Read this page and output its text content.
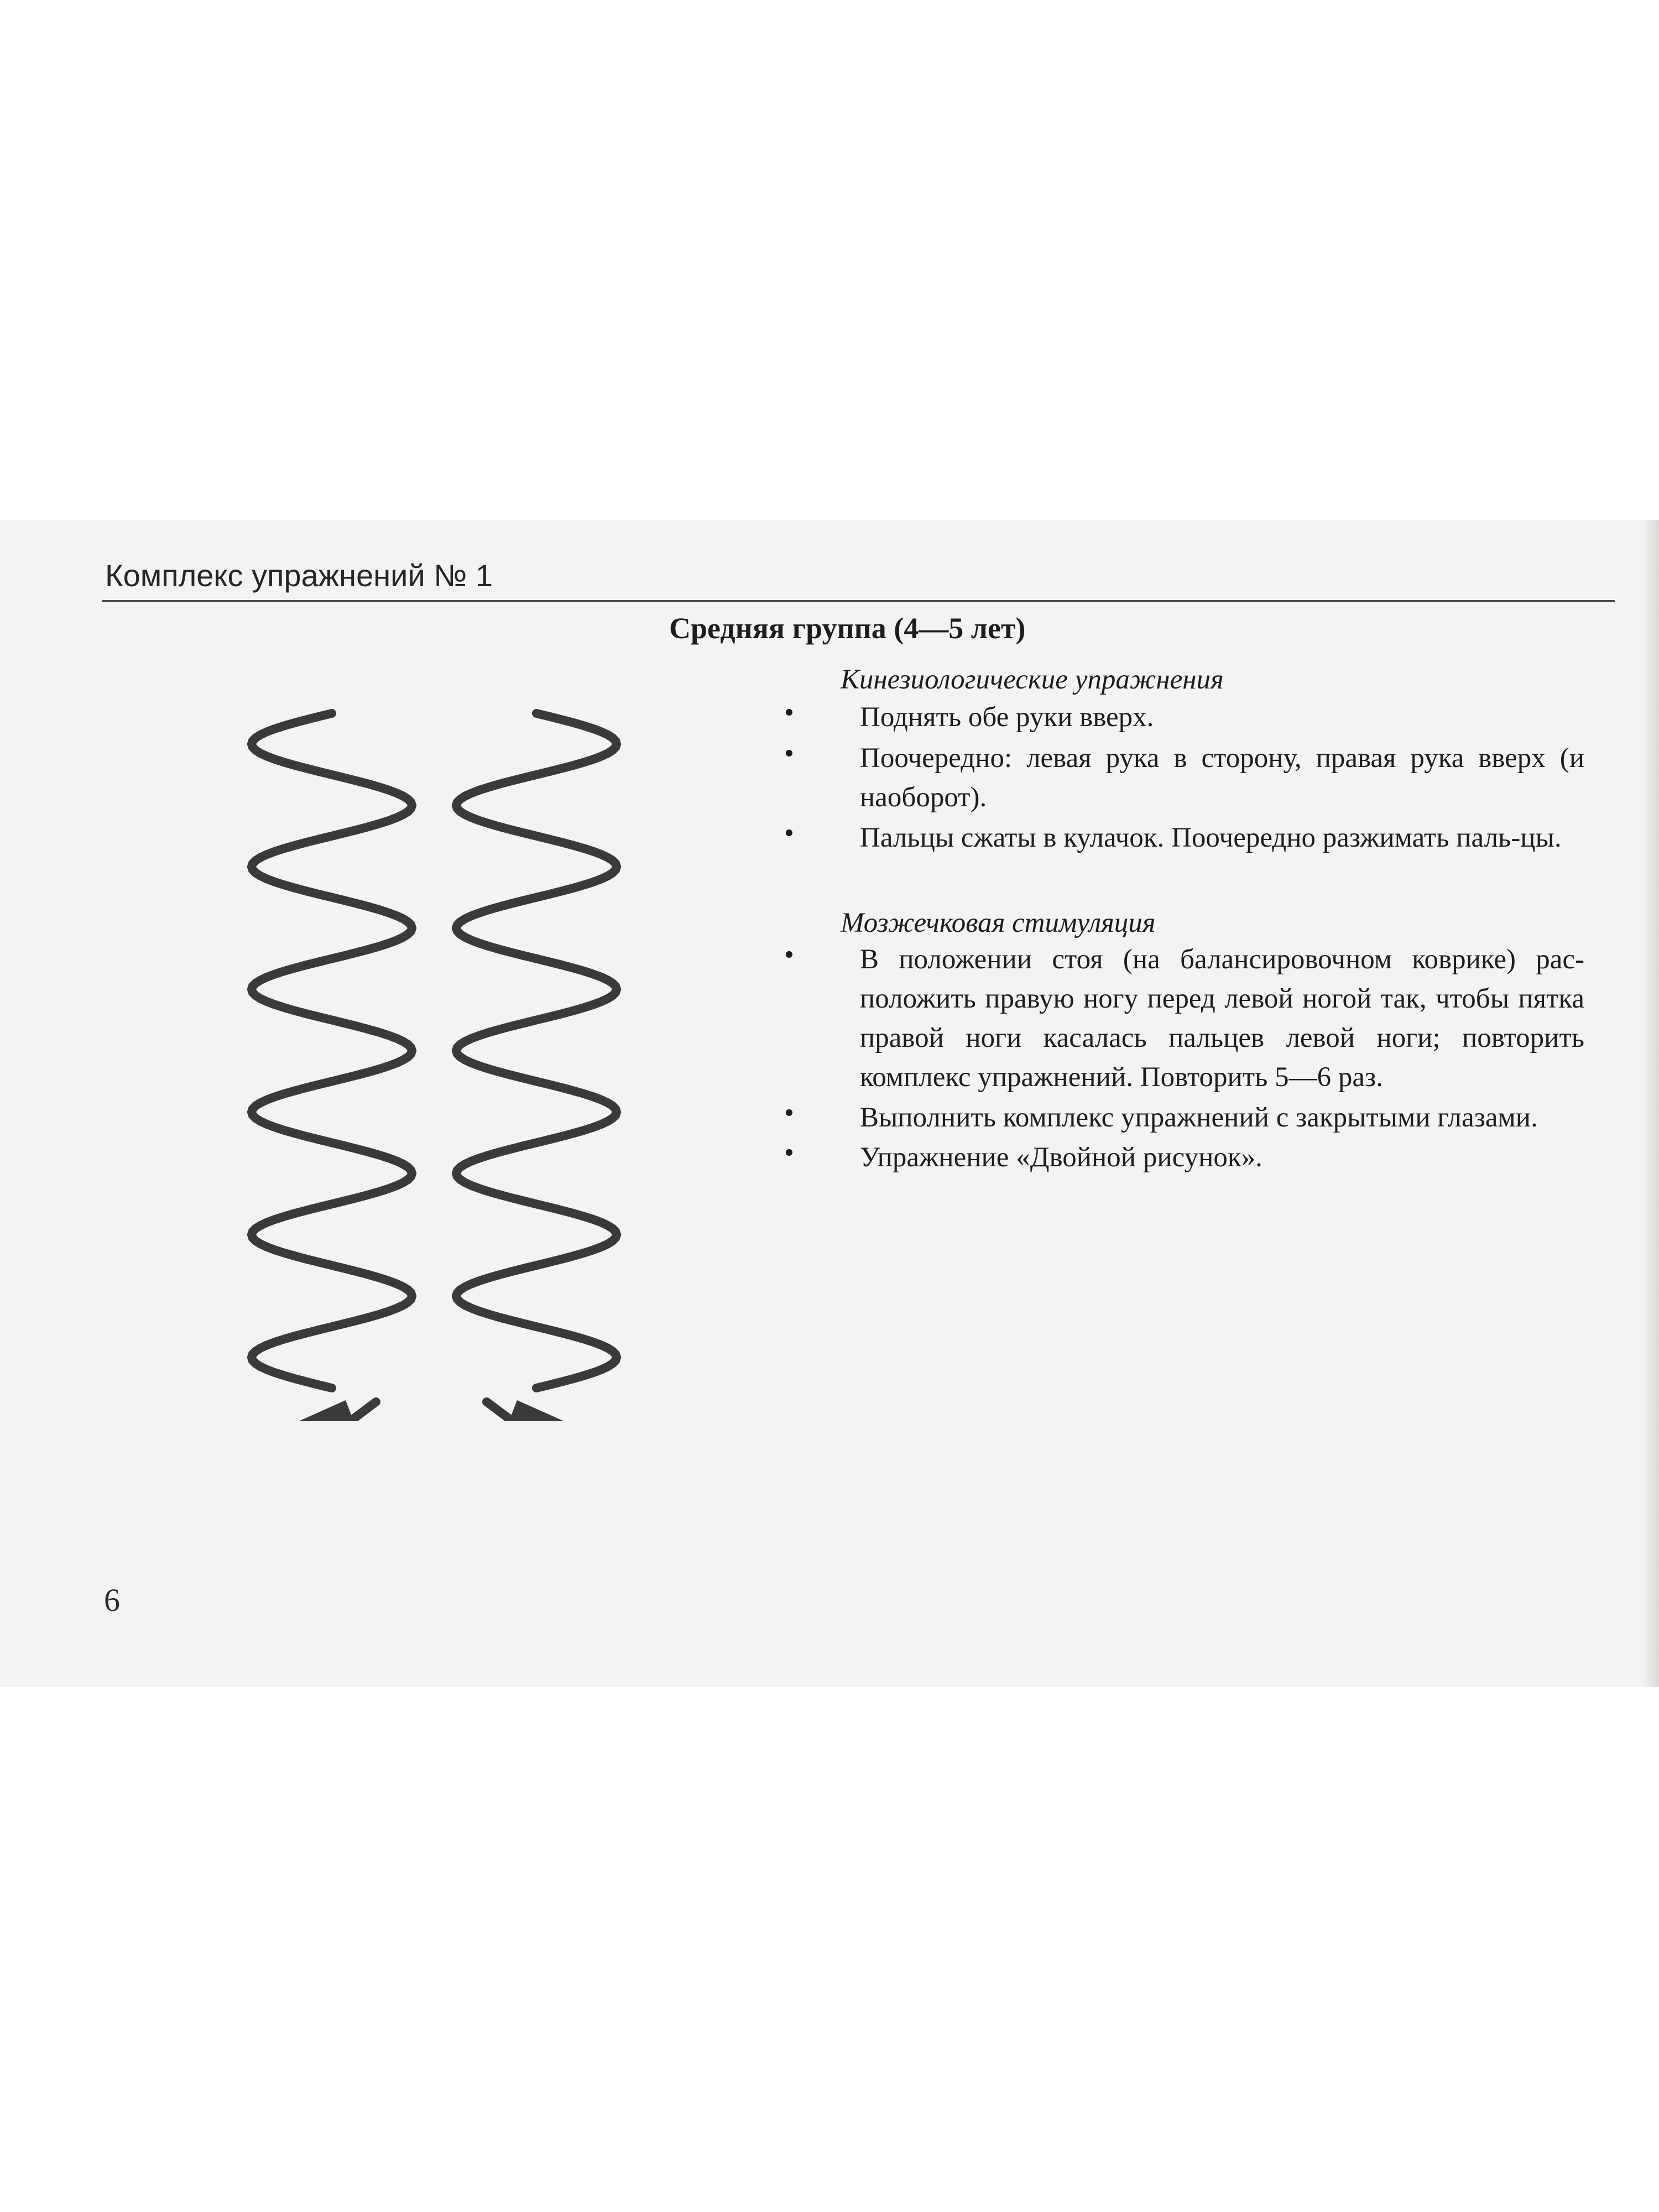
Комплекс упражнений № 1
Средняя группа (4—5 лет)
Кинезиологические упражнения
• Поднять обе руки вверх.
• Поочередно: левая рука в сторону, правая рука вверх (и наоборот).
• Пальцы сжаты в кулачок. Поочередно разжимать паль-цы.
Мозжечковая стимуляция
• В положении стоя (на балансировочном коврике) рас-положить правую ногу перед левой ногой так, чтобы пятка правой ноги касалась пальцев левой ноги; повторить комплекс упражнений. Повторить 5—6 раз.
• Выполнить комплекс упражнений с закрытыми глазами.
• Упражнение «Двойной рисунок».
6
